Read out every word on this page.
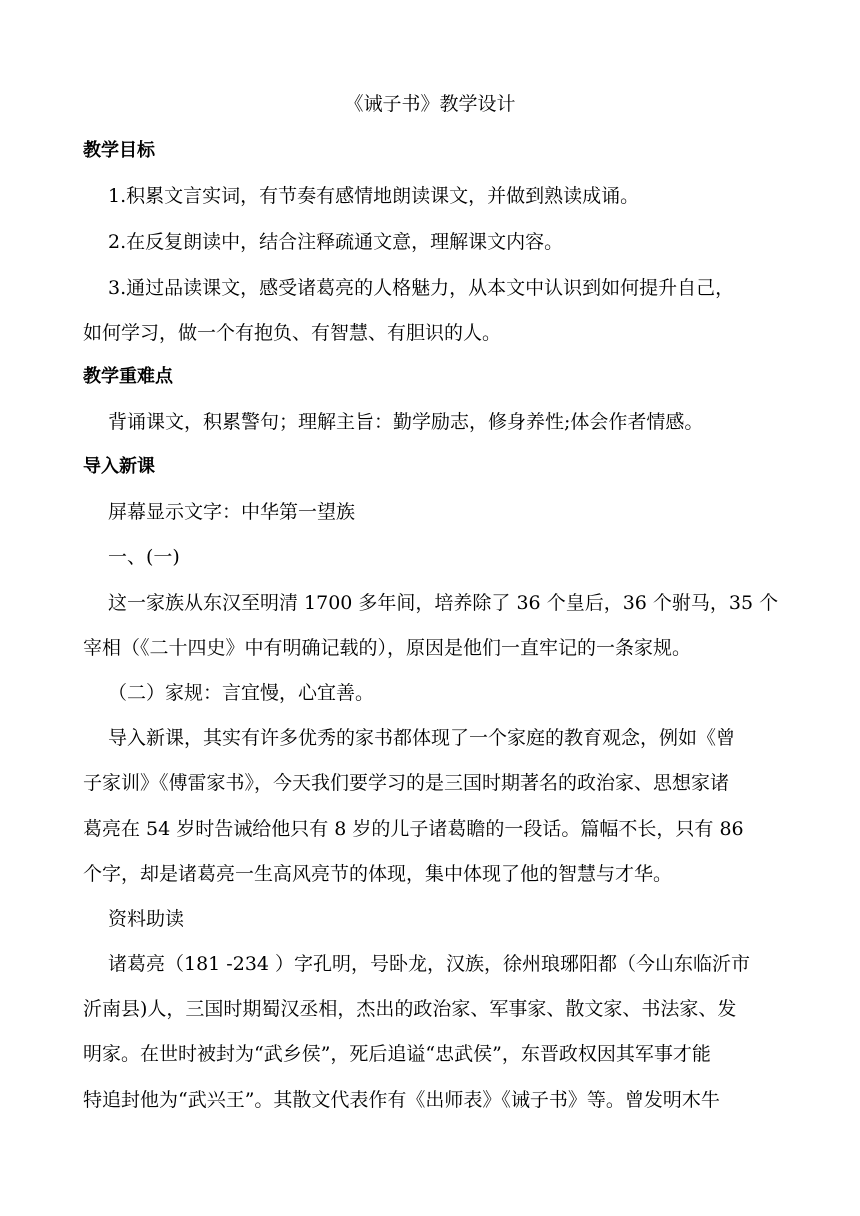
《诫子书》教学设计
教学目标
1.积累文言实词，有节奏有感情地朗读课文，并做到熟读成诵。
2.在反复朗读中，结合注释疏通文意，理解课文内容。
3.通过品读课文，感受诸葛亮的人格魅力，从本文中认识到如何提升自己，
如何学习，做一个有抱负、有智慧、有胆识的人。
教学重难点
背诵课文，积累警句；理解主旨：勤学励志，修身养性;体会作者情感。
导入新课
屏幕显示文字：中华第一望族
一、(一)
这一家族从东汉至明清 1700 多年间，培养除了 36 个皇后，36 个驸马，35 个
宰相（《二十四史》中有明确记载的），原因是他们一直牢记的一条家规。
（二）家规：言宜慢，心宜善。
导入新课，其实有许多优秀的家书都体现了一个家庭的教育观念，例如《曾
子家训》《傅雷家书》，今天我们要学习的是三国时期著名的政治家、思想家诸
葛亮在 54 岁时告诫给他只有 8 岁的儿子诸葛瞻的一段话。篇幅不长，只有 86
个字，却是诸葛亮一生高风亮节的体现，集中体现了他的智慧与才华。
资料助读
诸葛亮（181 -234 ）字孔明，号卧龙，汉族，徐州琅琊阳都（今山东临沂市
沂南县)人，三国时期蜀汉丞相，杰出的政治家、军事家、散文家、书法家、发
明家。在世时被封为“武乡侯”，死后追谥“忠武侯”，东晋政权因其军事才能
特追封他为“武兴王”。其散文代表作有《出师表》《诫子书》等。曾发明木牛
